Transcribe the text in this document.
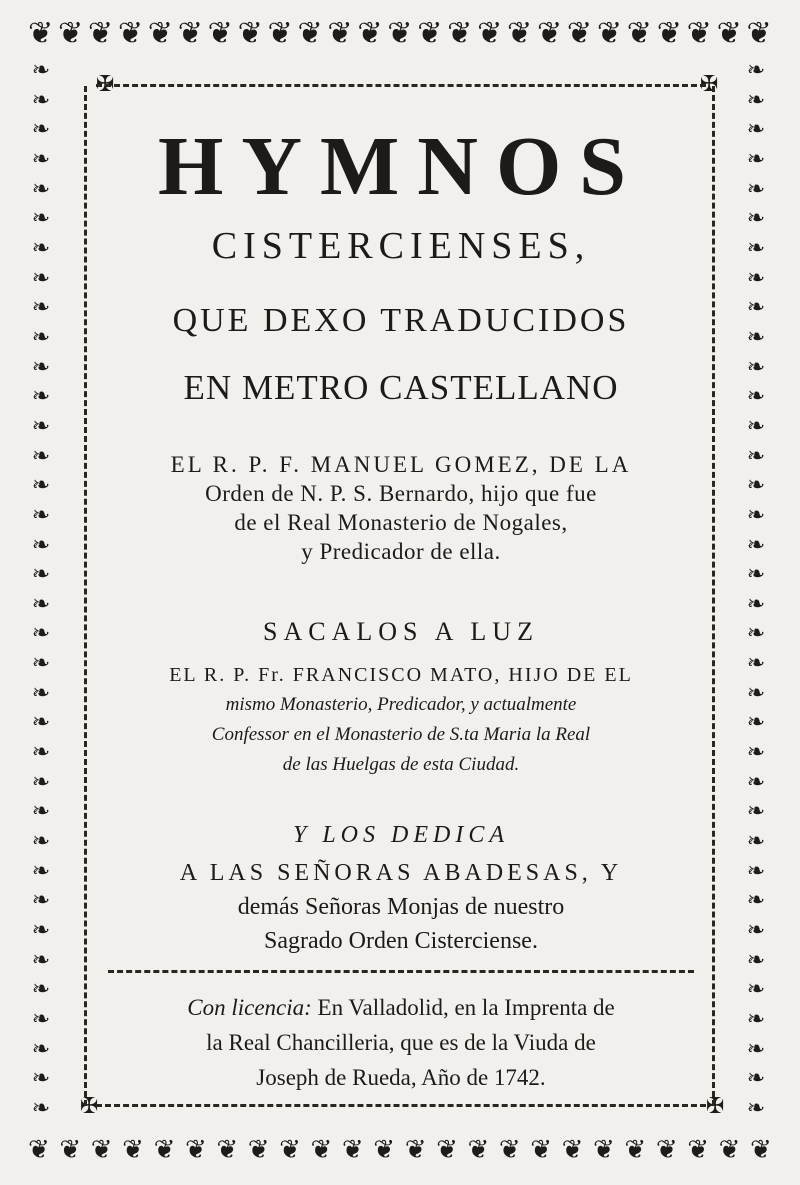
❦ ❦ ❦ ❦ ❦ ❦ ❦ ❦ ❦ ❦ ❦ ❦ ❦ ❦ ❦ ❦ ❦ ❦ ❦ ❦ ❦ ❦ ❦ ❦ ❦
❦ ❦ ❦ ❦ ❦ ❦ ❦ ❦ ❦ ❦ ❦ ❦ ❦ ❦ ❦ ❦ ❦ ❦ ❦ ❦ ❦ ❦ ❦ ❦
❧
❧
❧
❧
❧
❧
❧
❧
❧
❧
❧
❧
❧
❧
❧
❧
❧
❧
❧
❧
❧
❧
❧
❧
❧
❧
❧
❧
❧
❧
❧
❧
❧
❧
❧
❧
❧
❧
❧
❧
❧
❧
❧
❧
❧
❧
❧
❧
❧
❧
❧
❧
❧
❧
❧
❧
❧
❧
❧
❧
❧
❧
❧
❧
❧
❧
❧
❧
❧
❧
❧
❧
✠	✠
✠	✠
HYMNOS
CISTERCIENSES,
QUE DEXO TRADUCIDOS
EN METRO CASTELLANO
EL R. P. F. MANUEL GOMEZ, DE LA
Orden de N. P. S. Bernardo, hijo que fue
de el Real Monasterio de Nogales,
y Predicador de ella.
SACALOS A LUZ
EL R. P. Fr. FRANCISCO MATO, HIJO DE EL
mismo Monasterio, Predicador, y actualmente
Confessor en el Monasterio de S.ta Maria la Real
de las Huelgas de esta Ciudad.
Y LOS DEDICA
A LAS SEÑORAS ABADESAS, Y
demás Señoras Monjas de nuestro
Sagrado Orden Cisterciense.
Con licencia: En Valladolid, en la Imprenta de
la Real Chancilleria, que es de la Viuda de
Joseph de Rueda, Año de 1742.
